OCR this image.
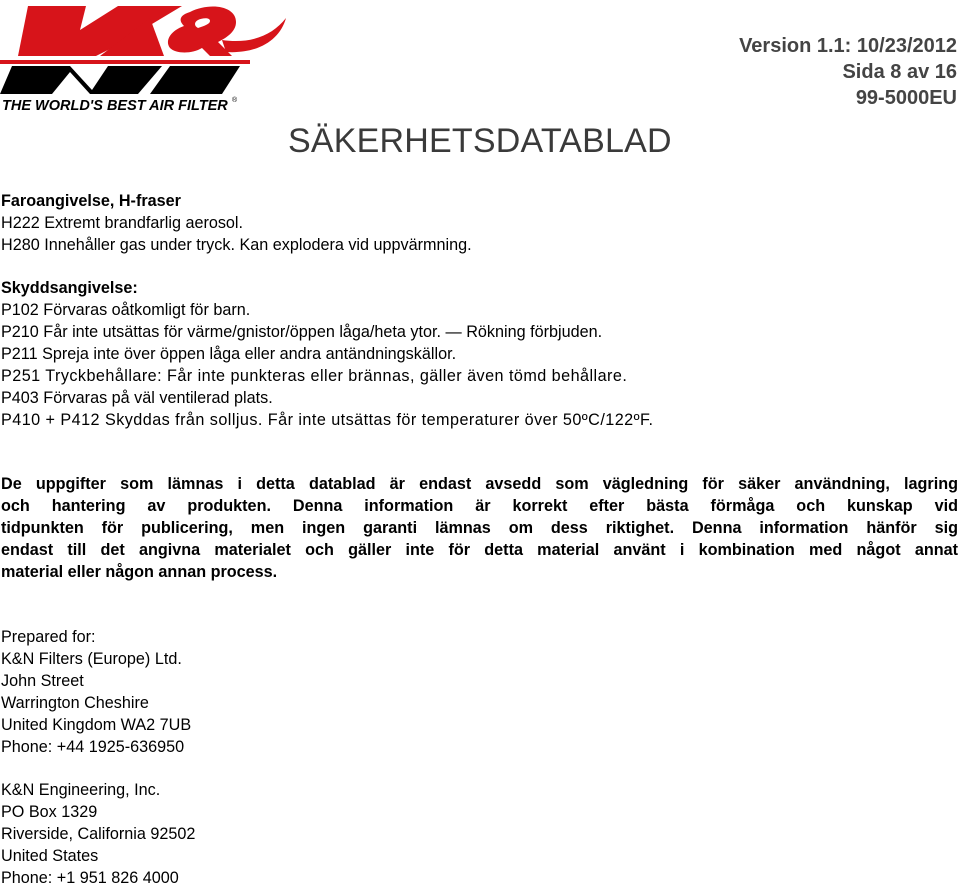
THE WORLD'S BEST AIR FILTER ®
Version 1.1: 10/23/2012
Sida 8 av 16
99-5000EU
SÄKERHETSDATABLAD
Faroangivelse, H-fraser
H222 Extremt brandfarlig aerosol.
H280 Innehåller gas under tryck. Kan explodera vid uppvärmning.
Skyddsangivelse:
P102 Förvaras oåtkomligt för barn.
P210 Får inte utsättas för värme/gnistor/öppen låga/heta ytor. — Rökning förbjuden.
P211 Spreja inte över öppen låga eller andra antändningskällor.
P251 Tryckbehållare: Får inte punkteras eller brännas, gäller även tömd behållare.
P403 Förvaras på väl ventilerad plats.
P410 + P412 Skyddas från solljus. Får inte utsättas för temperaturer över 50ºC/122ºF.
De uppgifter som lämnas i detta datablad är endast avsedd som vägledning för säker användning, lagring
och hantering av produkten. Denna information är korrekt efter bästa förmåga och kunskap vid
tidpunkten för publicering, men ingen garanti lämnas om dess riktighet. Denna information hänför sig
endast till det angivna materialet och gäller inte för detta material använt i kombination med något annat
material eller någon annan process.
Prepared for:
K&N Filters (Europe) Ltd.
John Street
Warrington Cheshire
United Kingdom WA2 7UB
Phone: +44 1925-636950
K&N Engineering, Inc.
PO Box 1329
Riverside, California 92502
United States
Phone: +1 951 826 4000
